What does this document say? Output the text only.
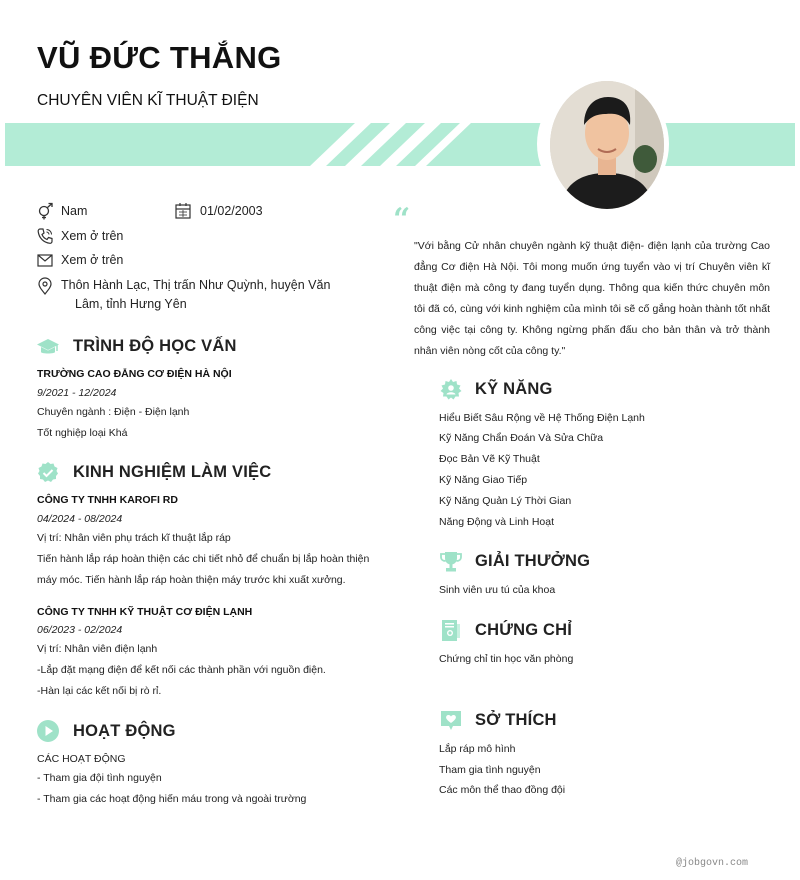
VŨ ĐỨC THẮNG
CHUYÊN VIÊN KĨ THUẬT ĐIỆN
Nam	01/02/2003
Xem ở trên
Xem ở trên
Thôn Hành Lạc, Thị trấn Như Quỳnh, huyện Văn
Lâm, tỉnh Hưng Yên
TRÌNH ĐỘ HỌC VẤN
TRƯỜNG CAO ĐẲNG CƠ ĐIỆN HÀ NỘI
9/2021 - 12/2024
Chuyên ngành : Điện - Điện lạnh
Tốt nghiệp loại Khá
KINH NGHIỆM LÀM VIỆC
CÔNG TY TNHH KAROFI RD
04/2024 - 08/2024
Vị trí: Nhân viên phụ trách kĩ thuật lắp ráp
Tiến hành lắp ráp hoàn thiện các chi tiết nhỏ để chuẩn bị lắp hoàn thiện
máy móc. Tiến hành lắp ráp hoàn thiện máy trước khi xuất xưởng.
CÔNG TY TNHH KỸ THUẬT CƠ ĐIỆN LẠNH
06/2023 - 02/2024
Vị trí: Nhân viên điện lạnh
-Lắp đặt mạng điện để kết nối các thành phần với nguồn điện.
-Hàn lại các kết nối bị rò rỉ.
HOẠT ĐỘNG
CÁC HOẠT ĐỘNG
- Tham gia đội tình nguyện
- Tham gia các hoạt động hiến máu trong và ngoài trường
“
"Với bằng Cử nhân chuyên ngành kỹ thuật điện- điện lạnh của trường Cao đẳng Cơ điện Hà Nội. Tôi mong muốn ứng tuyển vào vị trí Chuyên viên kĩ thuật điện mà công ty đang tuyển dụng. Thông qua kiến thức chuyên môn tôi đã có, cùng với kinh nghiệm của mình tôi sẽ cố gắng hoàn thành tốt nhất công việc tại công ty. Không ngừng phấn đấu cho bản thân và trở thành nhân viên nòng cốt của công ty."
KỸ NĂNG
Hiểu Biết Sâu Rộng về Hệ Thống Điện Lạnh
Kỹ Năng Chẩn Đoán Và Sửa Chữa
Đọc Bản Vẽ Kỹ Thuật
Kỹ Năng Giao Tiếp
Kỹ Năng Quản Lý Thời Gian
Năng Động và Linh Hoạt
GIẢI THƯỞNG
Sinh viên ưu tú của khoa
CHỨNG CHỈ
Chứng chỉ tin học văn phòng
SỞ THÍCH
Lắp ráp mô hình
Tham gia tình nguyện
Các môn thể thao đồng đội
@jobgovn.com
